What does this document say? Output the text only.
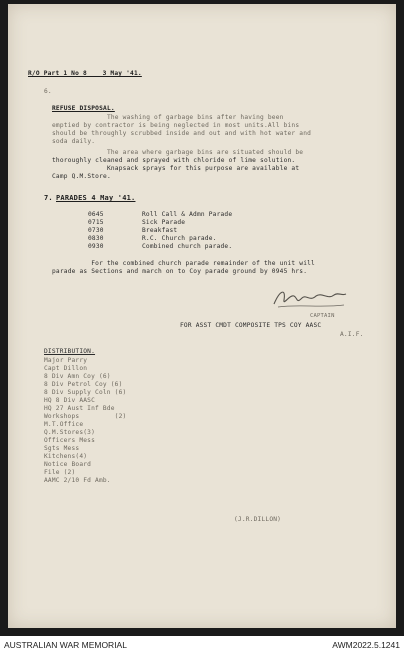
R/O Part 1 No 8    3 May '41.
6.
REFUSE DISPOSAL.
The washing of garbage bins after having been
emptied by contractor is being neglected in most units.All bins
should be throughly scrubbed inside and out and with hot water and
soda daily.
The area where garbage bins are situated should be
thoroughly cleaned and sprayed with chloride of lime solution.
Knapsack sprays for this purpose are available at
Camp Q.M.Store.
7. PARADES 4 May '41.
0645	Roll Call & Admn Parade
0715	Sick Parade
0730	Breakfast
0830	R.C. Church parade.
0930	Combined church parade.
For the combined church parade remainder of the unit will
parade as Sections and march on to Coy parade ground by 0945 hrs.
CAPTAIN
FOR ASST CMDT COMPOSITE TPS COY AASC
A.I.F.
DISTRIBUTION.
(J.R.DILLON)
Major Parry
Capt Dillon
8 Div Amn Coy (6)
8 Div Petrol Coy (6)
8 Div Supply Coln (6)
HQ 8 Div AASC
HQ 27 Aust Inf Bde
Workshops         (2)
M.T.Office
Q.M.Stores(3)
Officers Mess
Sgts Mess
Kitchens(4)
Notice Board
File (2)
AAMC 2/10 Fd Amb.
AUSTRALIAN WAR MEMORIAL	AWM2022.5.1241
